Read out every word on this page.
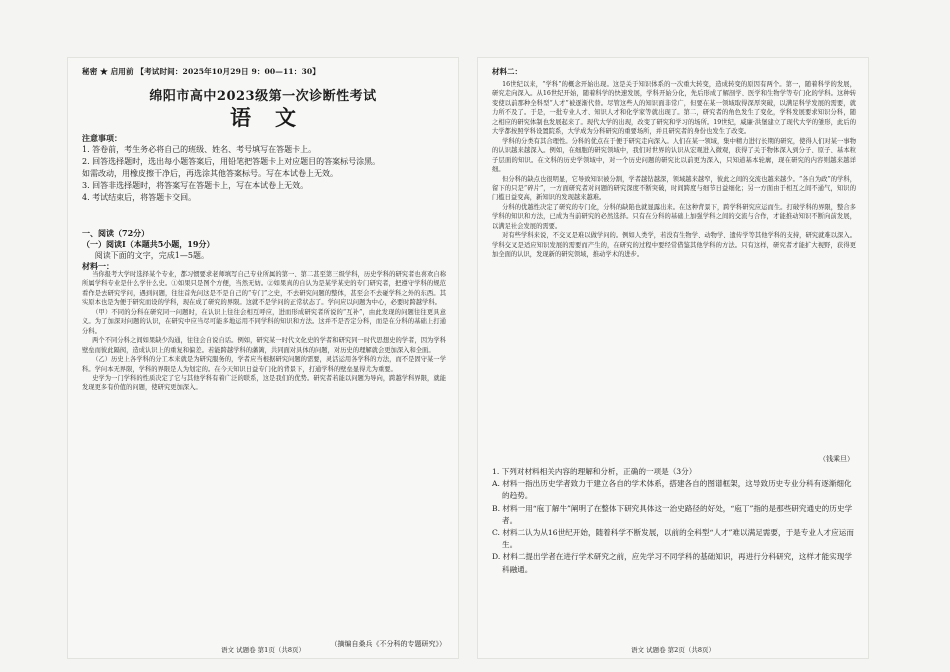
秘密 ★ 启用前 【考试时间：2025年10月29日 9：00—11：30】
绵阳市高中2023级第一次诊断性考试
语文
注意事项：
1. 答卷前，考生务必将自己的班级、姓名、考号填写在答题卡上。
2. 回答选择题时，选出每小题答案后，用铅笔把答题卡上对应题目的答案标号涂黑。
如需改动，用橡皮擦干净后，再选涂其他答案标号。写在本试卷上无效。
3. 回答非选择题时，将答案写在答题卡上，写在本试卷上无效。
4. 考试结束后，将答题卡交回。
一、阅读（72分）
（一）阅读Ⅰ（本题共5小题，19分）
阅读下面的文字，完成1—5题。
材料一：

当你报考大学时选择某个专业，都习惯要求老师填写自己专业所属的第一、第二甚至第三级学科，历史学科的研究者也喜欢自称所属学科专业是什么学什么史。①如果只是图个方便，当然无妨。②如果真的自认为是某学某史的专门研究者，把遵守学科的规范看作是去研究学问，遇到问题，往往首先问这是不是自己的“专门”之史，不去研究问题的整体，甚至会不去碰学科之外的东西。其实原本也是为便于研究而设的学科，现在成了研究的界限。这就不是学问的正常状态了。学问应以问题为中心，必要时跨越学科。

（甲）不同的分科在研究同一问题时，在认识上往往会相互呼应，进而形成研究者所说的“互补”，由此发现的问题往往更具意义。为了加深对问题的认识，在研究中应当尽可能多地运用不同学科的知识和方法。这并不是否定分科，而是在分科的基础上打通分科。

两个不同分科之间如果缺少沟通，往往会自说自话。例如，研究某一时代文化史的学者和研究同一时代思想史的学者，因为学科壁垒而彼此隔阂，造成认识上的重复和偏差。若能跨越学科的藩篱，共同面对具体的问题，对历史的理解就会更加深入和全面。

（乙）历史上各学科的分工本来就是为研究服务的，学者应当根据研究问题的需要，灵活运用各学科的方法，而不是固守某一学科。学问本无界限，学科的界限是人为划定的。在今天知识日益专门化的背景下，打通学科的壁垒显得尤为重要。

史学为一门学科的性质决定了它与其他学科有着广泛的联系，这是我们的优势。研究者若能以问题为导向，跨越学科界限，就能发现更多有价值的问题，使研究更加深入。

（摘编自桑兵《不分科的专题研究》）
语文 试题卷 第1页（共8页）
材料二：

16世纪以来，“学科”的概念开始出现。这是关于知识体系的一次重大转变，造成转变的原因有两个。第一，随着科学的发展，研究走向深入。从16世纪开始，随着科学的快速发展，学科开始分化，先后形成了解剖学、医学和生物学等专门化的学科。这种转变使以前那种全科型“人才”被逐渐代替。尽管这些人的知识面非常广，但要在某一领域取得深厚突破，以满足科学发展的需要，就力所不及了。于是，一批专业人才、知识人才和化学家等就出现了。第二，研究者的角色发生了变化，学科发展要求知识分科，随之相应的研究体制也发展起来了。现代大学的出现，改变了研究和学习的场所。19世纪，威廉·洪堡建立了现代大学的雏形，此后的大学都按照学科设置院系，大学成为分科研究的重要场所，并且研究者的身份也发生了改变。

学科的分类有其合理性。分科的优点在于便于研究走向深入。人们在某一领域，集中精力进行长期的研究，使得人们对某一事物的认识越来越深入。例如，在细胞的研究领域中，我们对世界的认识从宏观进入微观，获得了关于物体深入到分子、原子、基本粒子层面的知识。在文科的历史学领域中，对一个历史问题的研究比以前更为深入，只知道基本轮廓，现在研究的内容则越来越详细。

但分科的缺点也很明显，它导致知识被分割，学者越钻越深，领域越来越窄，彼此之间的交流也越来越少。“各自为政”的学科，留下的只是“碎片”，一方面研究者对问题的研究深度不断突破，时间跨度与细节日益细化；另一方面由于相互之间不通气，知识的门槛日益变高，新知识的发现越来越难。

分科的优越性决定了研究的专门化，分科的缺陷也就显露出来。在这种背景下，跨学科研究应运而生。打破学科的界限，整合多学科的知识和方法，已成为当前研究的必然选择。只有在分科的基础上加强学科之间的交流与合作，才能推动知识不断向前发展，以满足社会发展的需要。

对有些学科来说，不交叉是难以做学问的。例如人类学，若没有生物学、动物学、遗传学等其他学科的支持，研究就难以深入。学科交叉是适应知识发展的需要而产生的，在研究的过程中要经常借鉴其他学科的方法。只有这样，研究者才能扩大视野，获得更加全面的认识，发现新的研究领域，推动学术的进步。

（钱乘旦）
1. 下列对材料相关内容的理解和分析，正确的一项是（3分）
A. 材料一指出历史学者致力于建立各自的学术体系，搭建各自的图谱框架，这导致历史专业分科有逐渐细化的趋势。
B. 材料一用“庖丁解牛”阐明了在整体下研究具体这一治史路径的好处，“庖丁”指的是那些研究通史的历史学者。
C. 材料二认为从16世纪开始，随着科学不断发展，以前的全科型“人才”难以满足需要，于是专业人才应运而生。
D. 材料二提出学者在进行学术研究之前，应先学习不同学科的基础知识，再进行分科研究，这样才能实现学科融通。
语文 试题卷 第2页（共8页）
